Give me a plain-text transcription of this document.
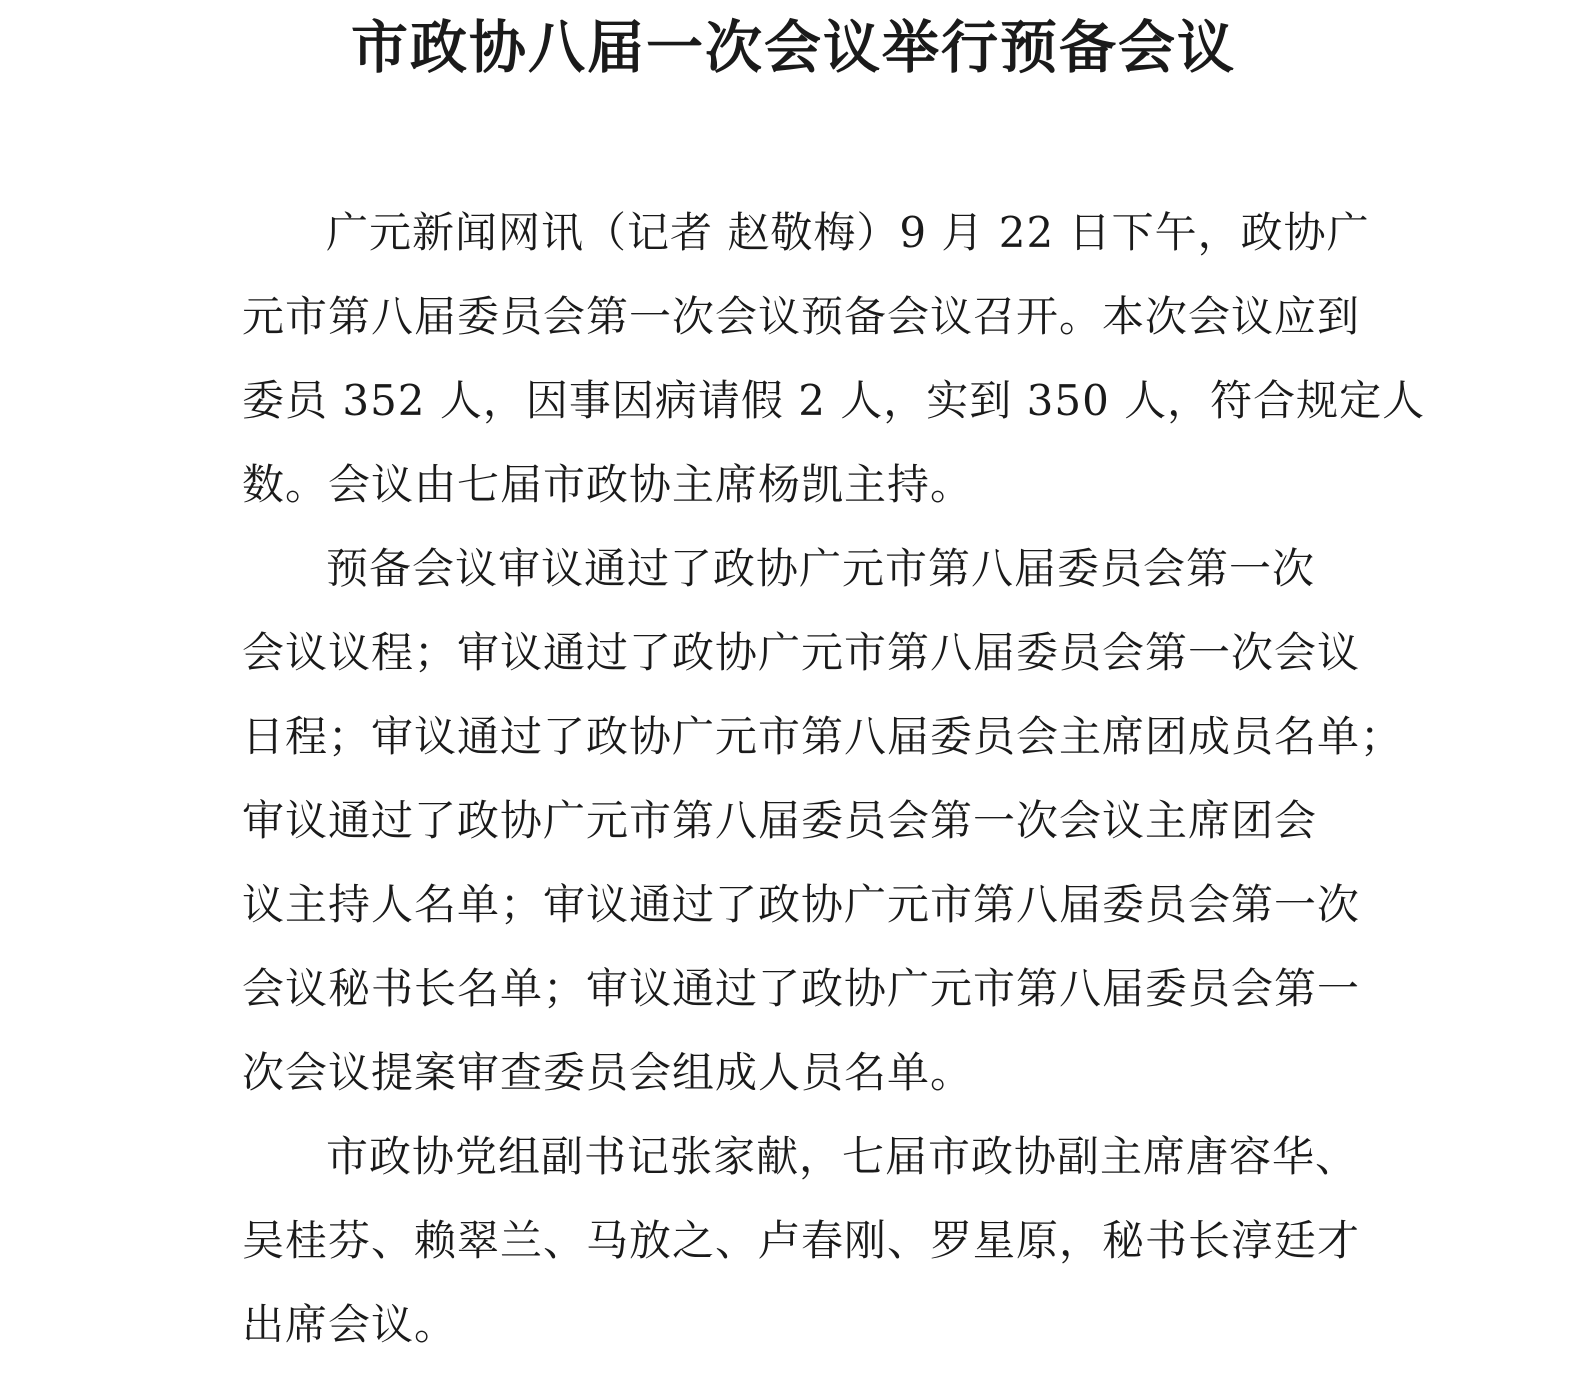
市政协八届一次会议举行预备会议

广元新闻网讯（记者 赵敬梅）9 月 22 日下午，政协广
元市第八届委员会第一次会议预备会议召开。本次会议应到
委员 352 人，因事因病请假 2 人，实到 350 人，符合规定人
数。会议由七届市政协主席杨凯主持。

预备会议审议通过了政协广元市第八届委员会第一次
会议议程；审议通过了政协广元市第八届委员会第一次会议
日程；审议通过了政协广元市第八届委员会主席团成员名单；
审议通过了政协广元市第八届委员会第一次会议主席团会
议主持人名单；审议通过了政协广元市第八届委员会第一次
会议秘书长名单；审议通过了政协广元市第八届委员会第一
次会议提案审查委员会组成人员名单。

市政协党组副书记张家献，七届市政协副主席唐容华、
吴桂芬、赖翠兰、马放之、卢春刚、罗星原，秘书长淳廷才
出席会议。
